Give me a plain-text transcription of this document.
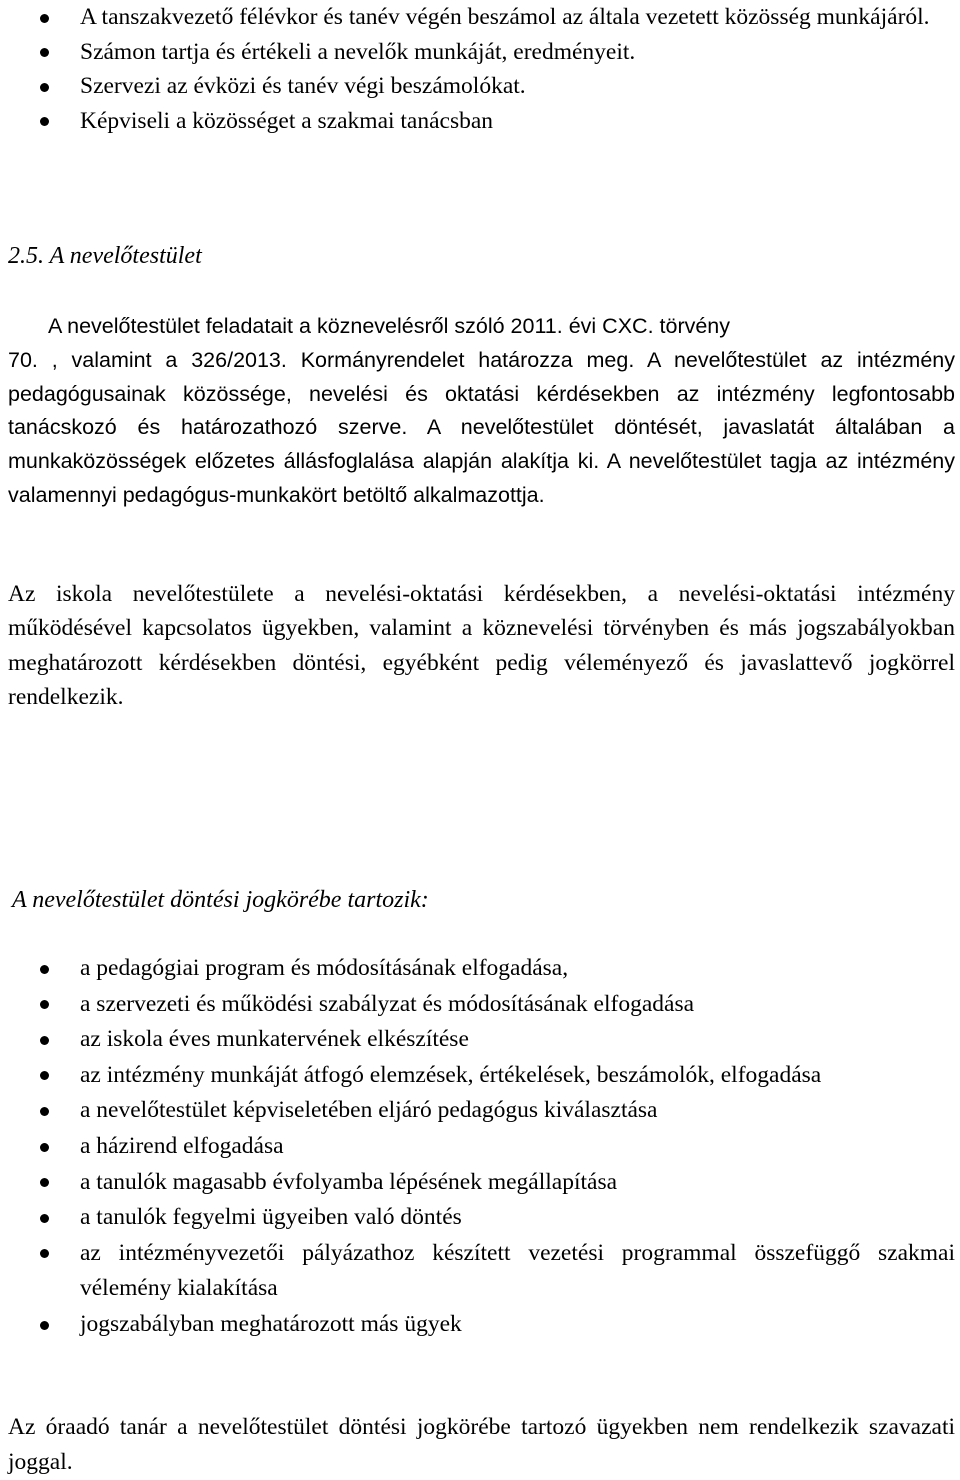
A tanszakvezető félévkor és tanév végén beszámol az általa vezetett közösség munkájáról.
Számon tartja és értékeli a nevelők munkáját, eredményeit.
Szervezi az évközi és tanév végi beszámolókat.
Képviseli a közösséget a szakmai tanácsban
2.5. A nevelőtestület
A nevelőtestület feladatait a köznevelésről szóló 2011. évi CXC. törvény
70. , valamint a 326/2013. Kormányrendelet határozza meg. A nevelőtestület az intézmény pedagógusainak közössége, nevelési és oktatási kérdésekben az intézmény legfontosabb tanácskozó és határozathozó szerve. A nevelőtestület döntését, javaslatát általában a munkaközösségek előzetes állásfoglalása alapján alakítja ki. A nevelőtestület tagja az intézmény valamennyi pedagógus-munkakört betöltő alkalmazottja.
Az iskola nevelőtestülete a nevelési-oktatási kérdésekben, a nevelési-oktatási intézmény működésével kapcsolatos ügyekben, valamint a köznevelési törvényben és más jogszabályokban meghatározott kérdésekben döntési, egyébként pedig véleményező és javaslattevő jogkörrel rendelkezik.
A nevelőtestület döntési jogkörébe tartozik:
a pedagógiai program és módosításának elfogadása,
a szervezeti és működési szabályzat és módosításának elfogadása
az iskola éves munkatervének elkészítése
az intézmény munkáját átfogó elemzések, értékelések, beszámolók, elfogadása
a nevelőtestület képviseletében eljáró pedagógus kiválasztása
a házirend elfogadása
a tanulók magasabb évfolyamba lépésének megállapítása
a tanulók fegyelmi ügyeiben való döntés
az intézményvezetői pályázathoz készített vezetési programmal összefüggő szakmai vélemény kialakítása
jogszabályban meghatározott más ügyek
Az óraadó tanár a nevelőtestület döntési jogkörébe tartozó ügyekben nem rendelkezik szavazati joggal.
